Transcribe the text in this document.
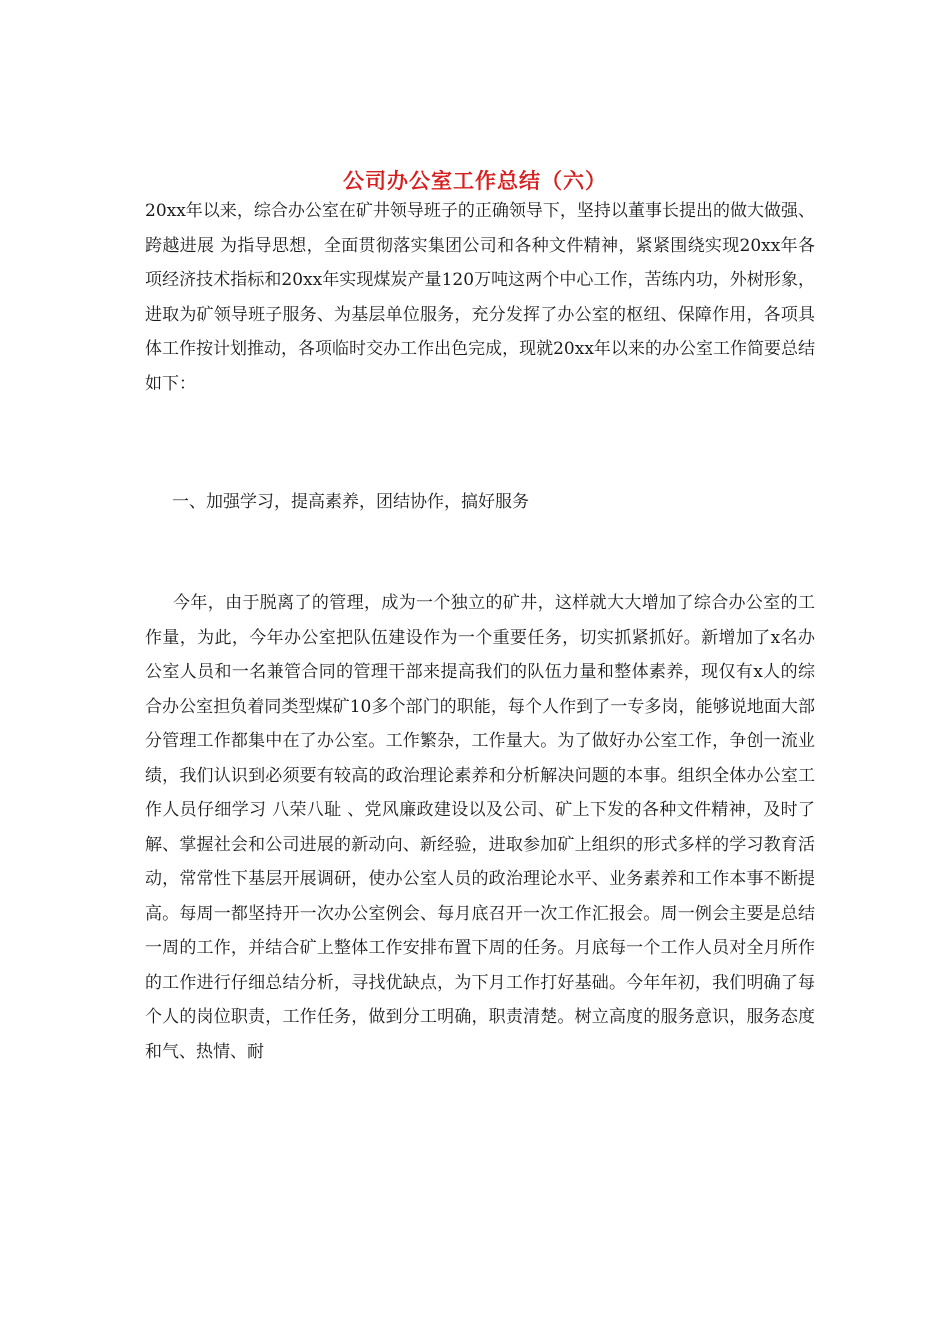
公司办公室工作总结（六）

20xx年以来，综合办公室在矿井领导班子的正确领导下，坚持以董事长提出的做大做强、跨越进展 为指导思想，全面贯彻落实集团公司和各种文件精神，紧紧围绕实现20xx年各项经济技术指标和20xx年实现煤炭产量120万吨这两个中心工作，苦练内功，外树形象，进取为矿领导班子服务、为基层单位服务，充分发挥了办公室的枢纽、保障作用，各项具体工作按计划推动，各项临时交办工作出色完成，现就20xx年以来的办公室工作简要总结如下：

一、加强学习，提高素养，团结协作，搞好服务

今年，由于脱离了的管理，成为一个独立的矿井，这样就大大增加了综合办公室的工作量，为此，今年办公室把队伍建设作为一个重要任务，切实抓紧抓好。新增加了x名办公室人员和一名兼管合同的管理干部来提高我们的队伍力量和整体素养，现仅有x人的综合办公室担负着同类型煤矿10多个部门的职能，每个人作到了一专多岗，能够说地面大部分管理工作都集中在了办公室。工作繁杂，工作量大。为了做好办公室工作，争创一流业绩，我们认识到必须要有较高的政治理论素养和分析解决问题的本事。组织全体办公室工作人员仔细学习 八荣八耻 、党风廉政建设以及公司、矿上下发的各种文件精神，及时了解、掌握社会和公司进展的新动向、新经验，进取参加矿上组织的形式多样的学习教育活动，常常性下基层开展调研，使办公室人员的政治理论水平、业务素养和工作本事不断提高。每周一都坚持开一次办公室例会、每月底召开一次工作汇报会。周一例会主要是总结一周的工作，并结合矿上整体工作安排布置下周的任务。月底每一个工作人员对全月所作的工作进行仔细总结分析，寻找优缺点，为下月工作打好基础。今年年初，我们明确了每个人的岗位职责，工作任务，做到分工明确，职责清楚。树立高度的服务意识，服务态度和气、热情、耐
